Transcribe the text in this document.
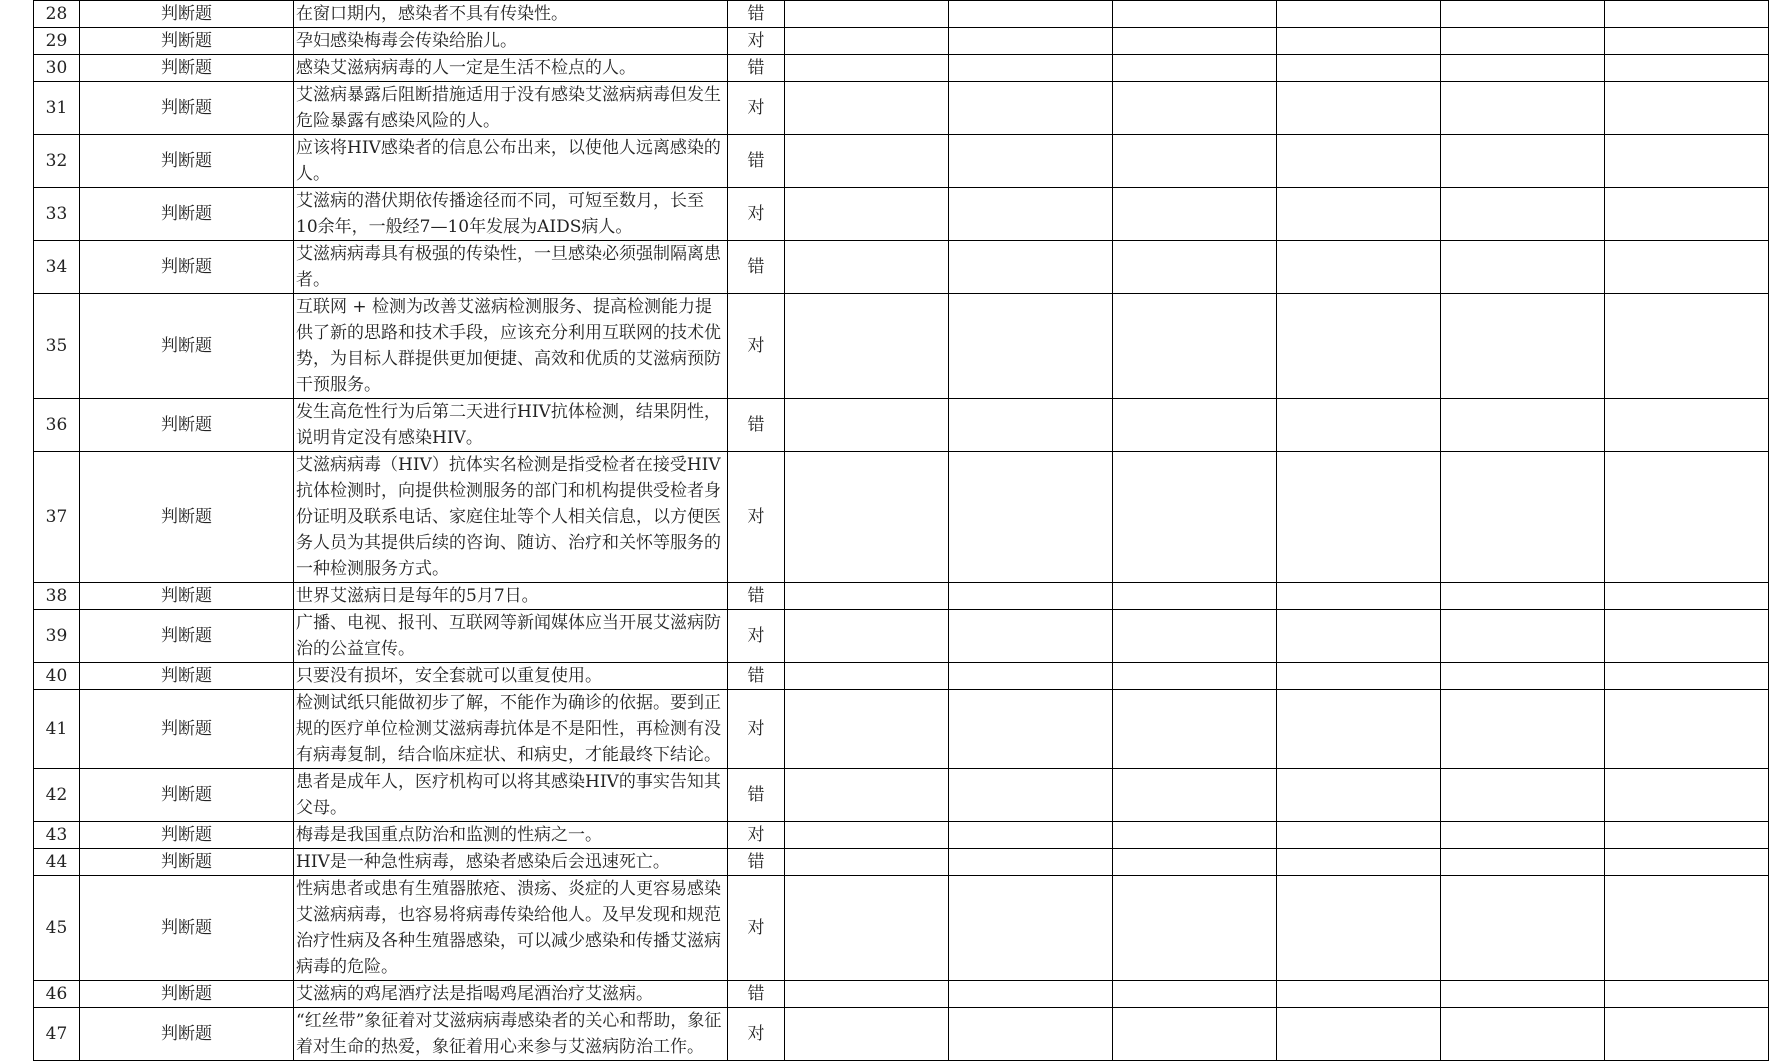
28	判断题	在窗口期内，感染者不具有传染性。	错						
29	判断题	孕妇感染梅毒会传染给胎儿。	对						
30	判断题	感染艾滋病病毒的人一定是生活不检点的人。	错						
31	判断题	艾滋病暴露后阻断措施适用于没有感染艾滋病病毒但发生危险暴露有感染风险的人。	对						
32	判断题	应该将HIV感染者的信息公布出来，以使他人远离感染的人。	错						
33	判断题	艾滋病的潜伏期依传播途径而不同，可短至数月，长至10余年，一般经7—10年发展为AIDS病人。	对						
34	判断题	艾滋病病毒具有极强的传染性，一旦感染必须强制隔离患者。	错						
35	判断题	互联网 + 检测为改善艾滋病检测服务、提高检测能力提供了新的思路和技术手段，应该充分利用互联网的技术优势，为目标人群提供更加便捷、高效和优质的艾滋病预防干预服务。	对						
36	判断题	发生高危性行为后第二天进行HIV抗体检测，结果阴性，说明肯定没有感染HIV。	错						
37	判断题	艾滋病病毒（HIV）抗体实名检测是指受检者在接受HIV抗体检测时，向提供检测服务的部门和机构提供受检者身份证明及联系电话、家庭住址等个人相关信息，以方便医务人员为其提供后续的咨询、随访、治疗和关怀等服务的一种检测服务方式。	对						
38	判断题	世界艾滋病日是每年的5月7日。	错						
39	判断题	广播、电视、报刊、互联网等新闻媒体应当开展艾滋病防治的公益宣传。	对						
40	判断题	只要没有损坏，安全套就可以重复使用。	错						
41	判断题	检测试纸只能做初步了解，不能作为确诊的依据。要到正规的医疗单位检测艾滋病毒抗体是不是阳性，再检测有没有病毒复制，结合临床症状、和病史，才能最终下结论。	对						
42	判断题	患者是成年人，医疗机构可以将其感染HIV的事实告知其父母。	错						
43	判断题	梅毒是我国重点防治和监测的性病之一。	对						
44	判断题	HIV是一种急性病毒，感染者感染后会迅速死亡。	错						
45	判断题	性病患者或患有生殖器脓疮、溃疡、炎症的人更容易感染艾滋病病毒，也容易将病毒传染给他人。及早发现和规范治疗性病及各种生殖器感染，可以减少感染和传播艾滋病病毒的危险。	对						
46	判断题	艾滋病的鸡尾酒疗法是指喝鸡尾酒治疗艾滋病。	错						
47	判断题	“红丝带”象征着对艾滋病病毒感染者的关心和帮助，象征着对生命的热爱，象征着用心来参与艾滋病防治工作。	对						
